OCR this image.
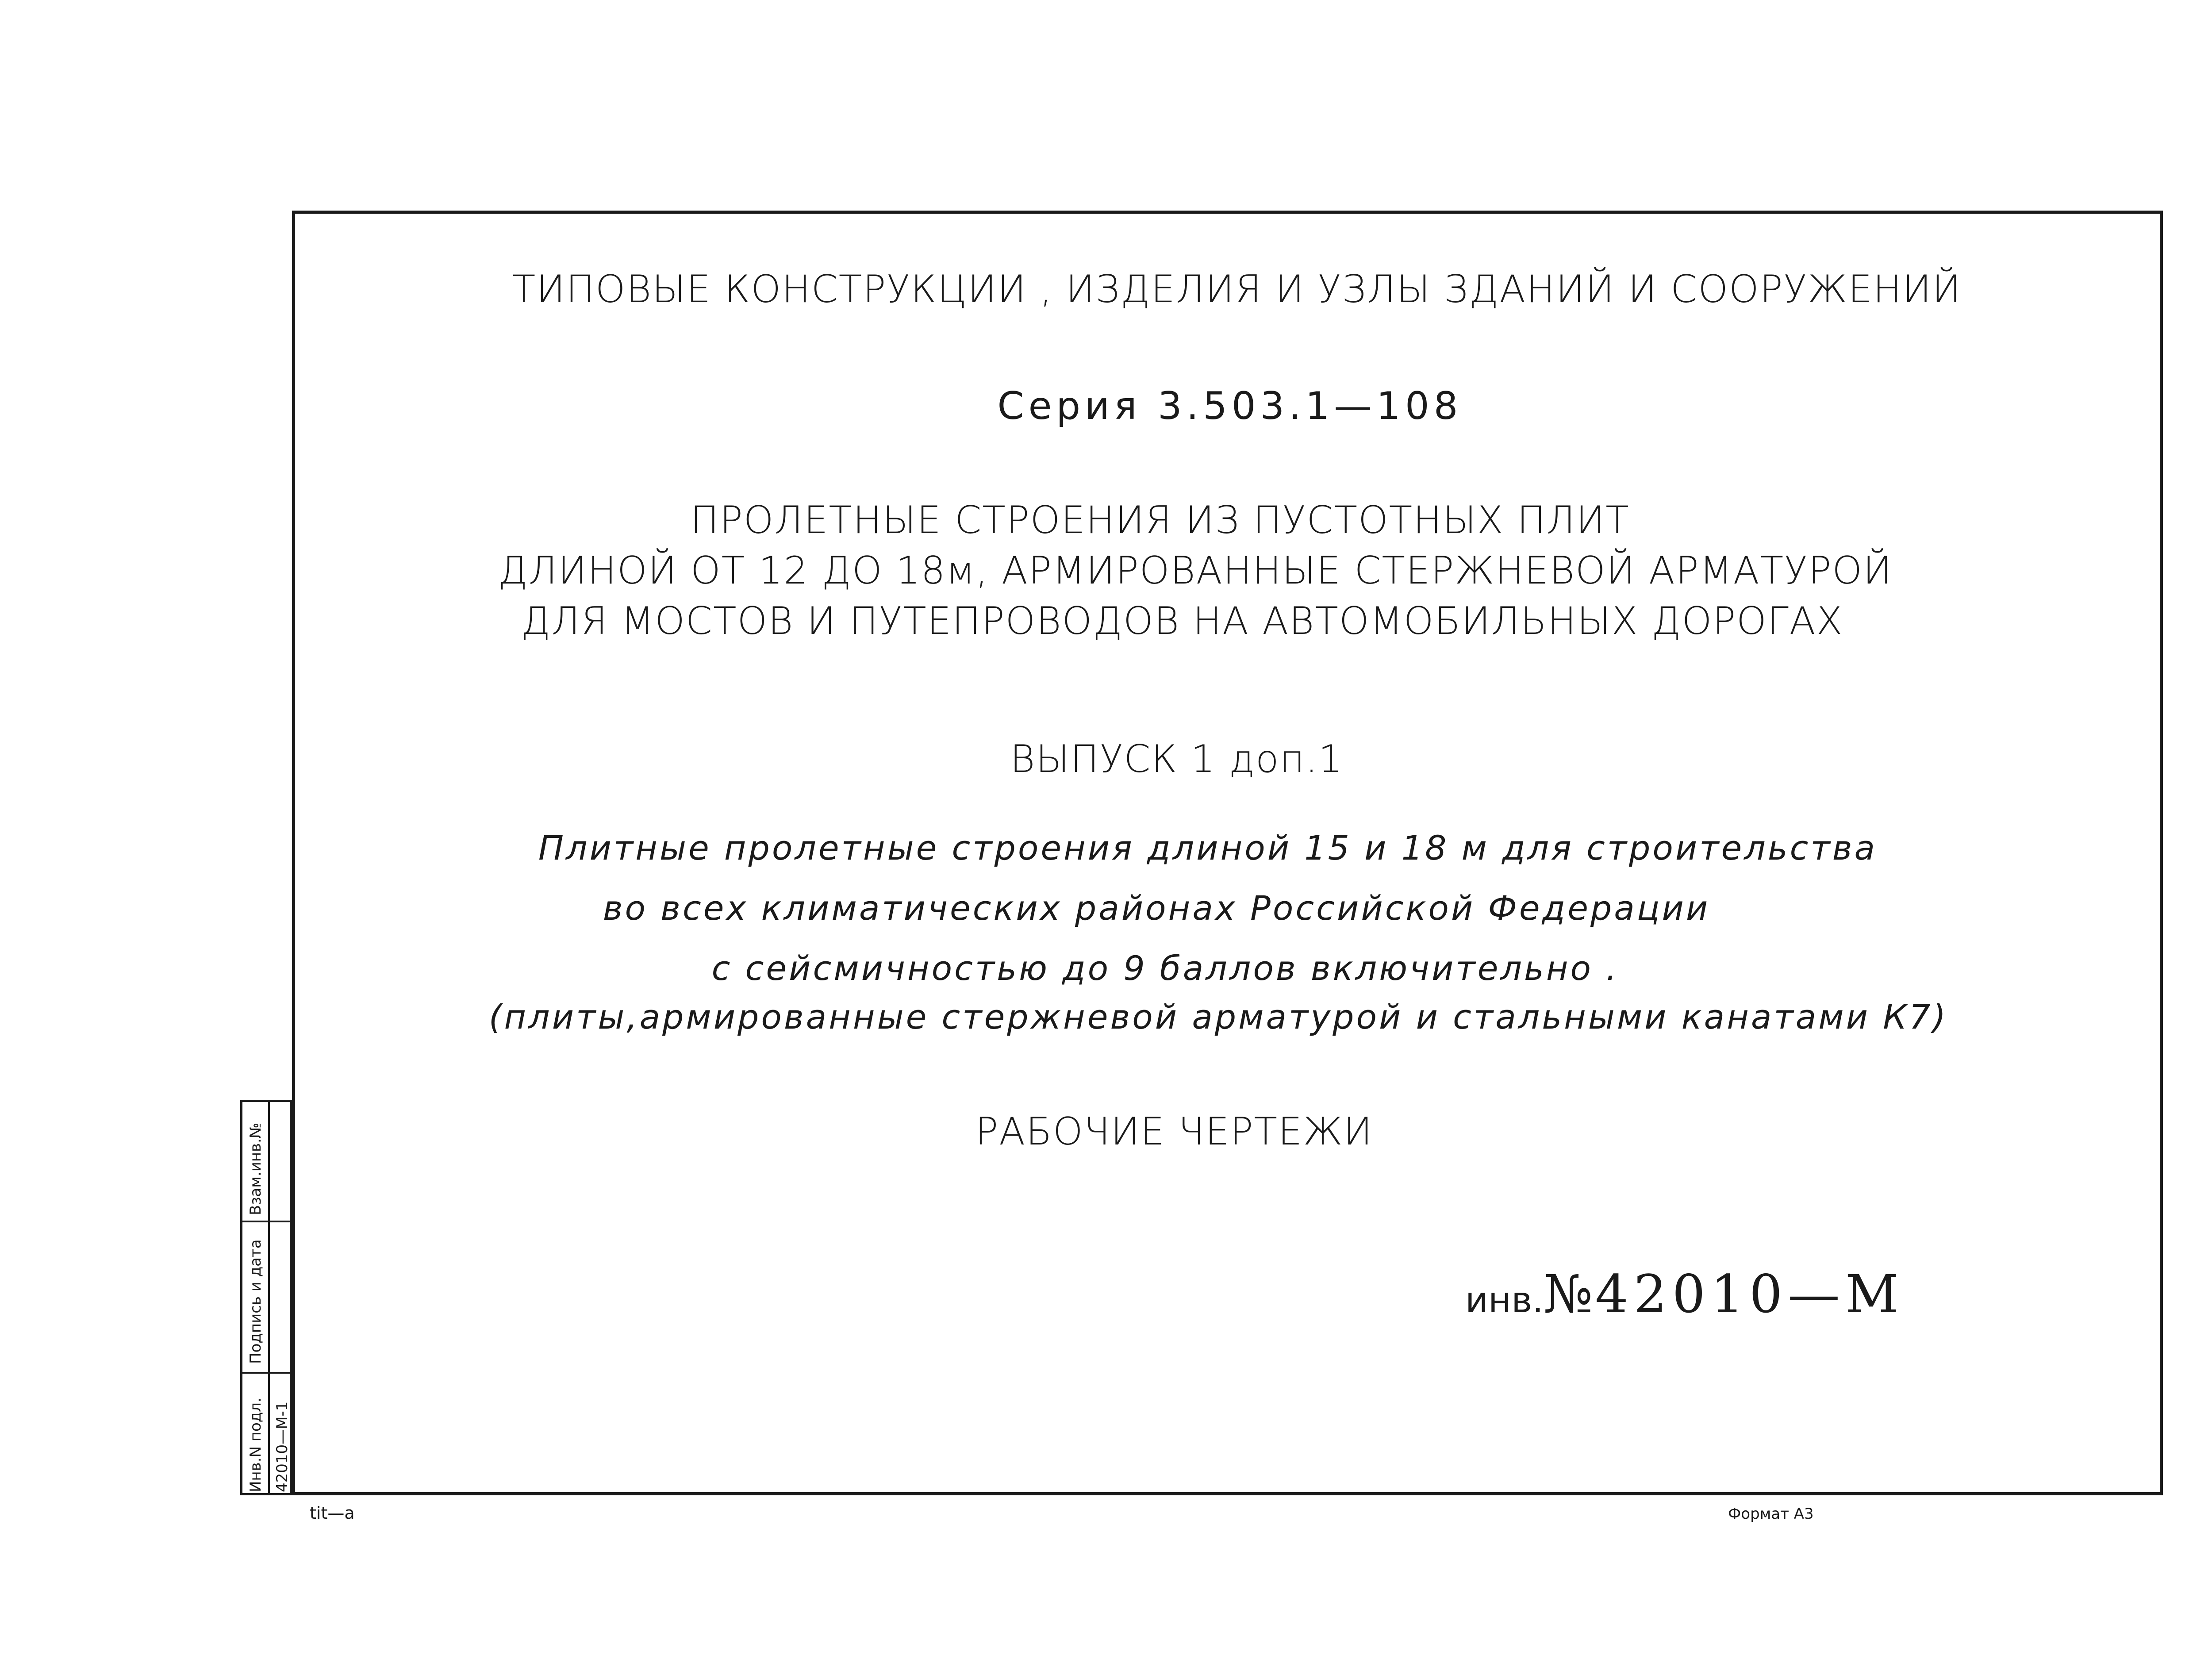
ТИПОВЫЕ КОНСТРУКЦИИ , ИЗДЕЛИЯ И УЗЛЫ ЗДАНИЙ И СООРУЖЕНИЙ
Серия 3.503.1—108
ПРОЛЕТНЫЕ СТРОЕНИЯ ИЗ ПУСТОТНЫХ ПЛИТ
ДЛИНОЙ ОТ 12 ДО 18м, АРМИРОВАННЫЕ СТЕРЖНЕВОЙ АРМАТУРОЙ
ДЛЯ МОСТОВ И ПУТЕПРОВОДОВ НА АВТОМОБИЛЬНЫХ ДОРОГАХ
ВЫПУСК 1 доп.1
Плитные пролетные строения длиной 15 и 18 м для строительства
во всех климатических районах Российской Федерации
с сейсмичностью до 9 баллов включительно .
(плиты,армированные стержневой арматурой и стальными канатами К7)
РАБОЧИЕ ЧЕРТЕЖИ
инв.№ 42010—М
Взам.инв.№
Подпись и дата
Инв.N подл. 42010—М-1
tit—a	Формат А3
